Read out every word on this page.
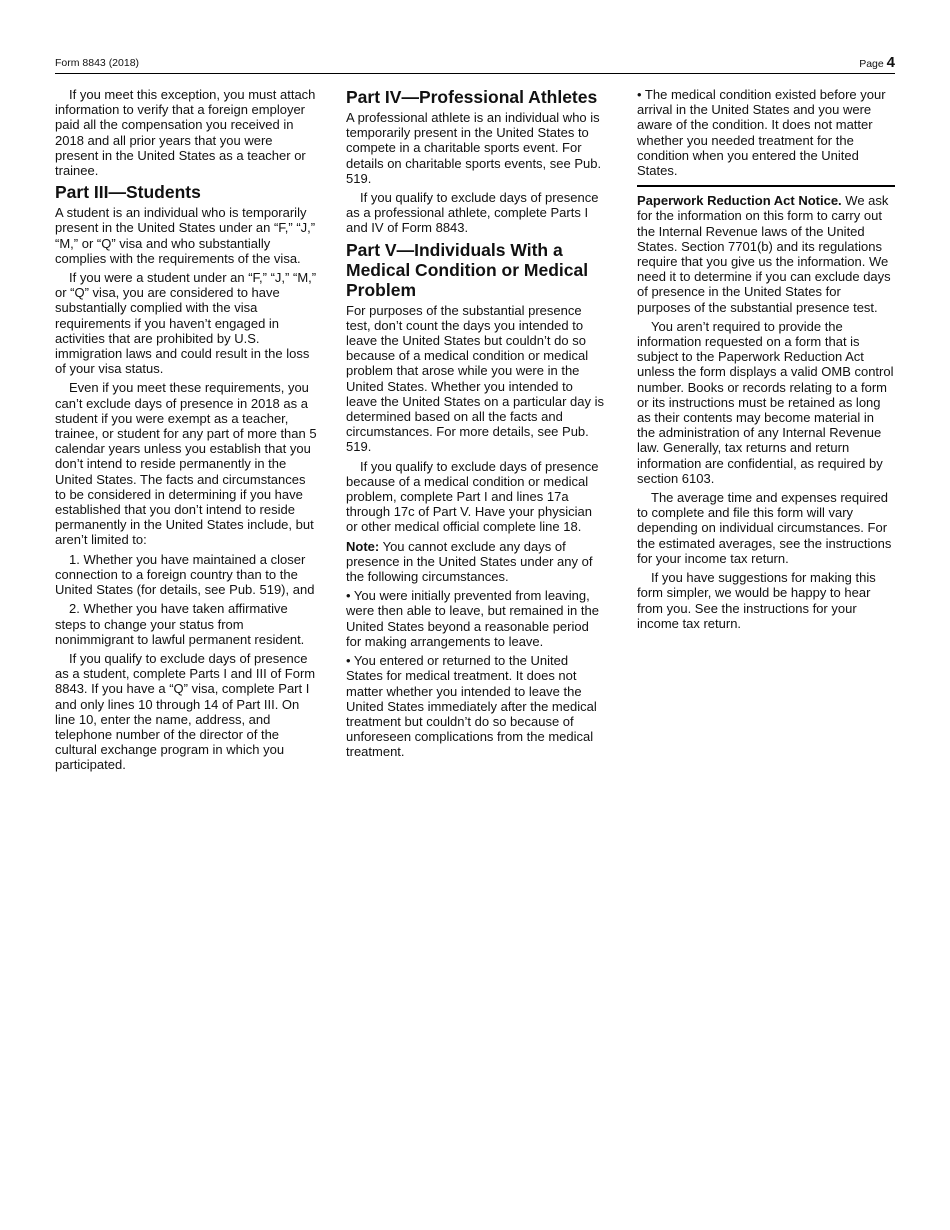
Form 8843 (2018)	Page 4

If you meet this exception, you must attach information to verify that a foreign employer paid all the compensation you received in 2018 and all prior years that you were present in the United States as a teacher or trainee.

Part III—Students

A student is an individual who is temporarily present in the United States under an “F,” “J,” “M,” or “Q” visa and who substantially complies with the requirements of the visa.

If you were a student under an “F,” “J,” “M,” or “Q” visa, you are considered to have substantially complied with the visa requirements if you haven’t engaged in activities that are prohibited by U.S. immigration laws and could result in the loss of your visa status.

Even if you meet these requirements, you can’t exclude days of presence in 2018 as a student if you were exempt as a teacher, trainee, or student for any part of more than 5 calendar years unless you establish that you don’t intend to reside permanently in the United States. The facts and circumstances to be considered in determining if you have established that you don’t intend to reside permanently in the United States include, but aren’t limited to:

1. Whether you have maintained a closer connection to a foreign country than to the United States (for details, see Pub. 519), and

2. Whether you have taken affirmative steps to change your status from nonimmigrant to lawful permanent resident.

If you qualify to exclude days of presence as a student, complete Parts I and III of Form 8843. If you have a “Q” visa, complete Part I and only lines 10 through 14 of Part III. On line 10, enter the name, address, and telephone number of the director of the cultural exchange program in which you participated.

Part IV—Professional Athletes

A professional athlete is an individual who is temporarily present in the United States to compete in a charitable sports event. For details on charitable sports events, see Pub. 519.

If you qualify to exclude days of presence as a professional athlete, complete Parts I and IV of Form 8843.

Part V—Individuals With a Medical Condition or Medical Problem

For purposes of the substantial presence test, don’t count the days you intended to leave the United States but couldn’t do so because of a medical condition or medical problem that arose while you were in the United States. Whether you intended to leave the United States on a particular day is determined based on all the facts and circumstances. For more details, see Pub. 519.

If you qualify to exclude days of presence because of a medical condition or medical problem, complete Part I and lines 17a through 17c of Part V. Have your physician or other medical official complete line 18.

Note: You cannot exclude any days of presence in the United States under any of the following circumstances.

• You were initially prevented from leaving, were then able to leave, but remained in the United States beyond a reasonable period for making arrangements to leave.

• You entered or returned to the United States for medical treatment. It does not matter whether you intended to leave the United States immediately after the medical treatment but couldn’t do so because of unforeseen complications from the medical treatment.

• The medical condition existed before your arrival in the United States and you were aware of the condition. It does not matter whether you needed treatment for the condition when you entered the United States.

Paperwork Reduction Act Notice. We ask for the information on this form to carry out the Internal Revenue laws of the United States. Section 7701(b) and its regulations require that you give us the information. We need it to determine if you can exclude days of presence in the United States for purposes of the substantial presence test.

You aren’t required to provide the information requested on a form that is subject to the Paperwork Reduction Act unless the form displays a valid OMB control number. Books or records relating to a form or its instructions must be retained as long as their contents may become material in the administration of any Internal Revenue law. Generally, tax returns and return information are confidential, as required by section 6103.

The average time and expenses required to complete and file this form will vary depending on individual circumstances. For the estimated averages, see the instructions for your income tax return.

If you have suggestions for making this form simpler, we would be happy to hear from you. See the instructions for your income tax return.
